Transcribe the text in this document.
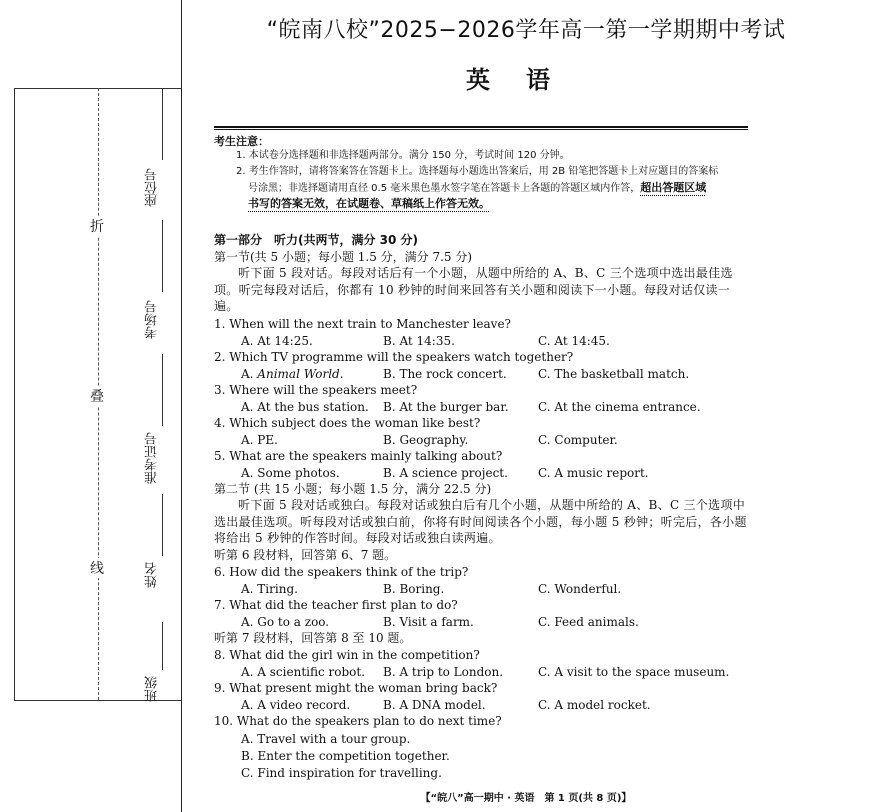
折
叠
线
座位号
考场号
准考证号
姓名
班级
“皖南八校”2025−2026学年高一第一学期期中考试
英语
考生注意：
1. 本试卷分选择题和非选择题两部分。满分 150 分，考试时间 120 分钟。
2. 考生作答时，请将答案答在答题卡上。选择题每小题选出答案后，用 2B 铅笔把答题卡上对应题目的答案标
号涂黑；非选择题请用直径 0.5 毫米黑色墨水签字笔在答题卡上各题的答题区域内作答，超出答题区域
书写的答案无效，在试题卷、草稿纸上作答无效。
第一部分　听力(共两节，满分 30 分)
第一节(共 5 小题；每小题 1.5 分，满分 7.5 分)
听下面 5 段对话。每段对话后有一个小题，从题中所给的 A、B、C 三个选项中选出最佳选项。听完每段对话后，你都有 10 秒钟的时间来回答有关小题和阅读下一小题。每段对话仅读一遍。
1. When will the next train to Manchester leave?
A. At 14:25.	B. At 14:35.	C. At 14:45.
2. Which TV programme will the speakers watch together?
A. Animal World.	B. The rock concert.	C. The basketball match.
3. Where will the speakers meet?
A. At the bus station. B. At the burger bar. C. At the cinema entrance.
4. Which subject does the woman like best?
A. PE.	B. Geography.	C. Computer.
5. What are the speakers mainly talking about?
A. Some photos.	B. A science project.	C. A music report.
第二节 (共 15 小题；每小题 1.5 分，满分 22.5 分)
听下面 5 段对话或独白。每段对话或独白后有几个小题，从题中所给的 A、B、C 三个选项中选出最佳选项。听每段对话或独白前，你将有时间阅读各个小题，每小题 5 秒钟；听完后，各小题将给出 5 秒钟的作答时间。每段对话或独白读两遍。
听第 6 段材料，回答第 6、7 题。
6. How did the speakers think of the trip?
A. Tiring.	B. Boring.	C. Wonderful.
7. What did the teacher first plan to do?
A. Go to a zoo.	B. Visit a farm.	C. Feed animals.
听第 7 段材料，回答第 8 至 10 题。
8. What did the girl win in the competition?
A. A scientific robot. B. A trip to London.	C. A visit to the space museum.
9. What present might the woman bring back?
A. A video record.	B. A DNA model.	C. A model rocket.
10. What do the speakers plan to do next time?
A. Travel with a tour group.
B. Enter the competition together.
C. Find inspiration for travelling.
【“皖八”高一期中 · 英语　第 1 页(共 8 页)】
